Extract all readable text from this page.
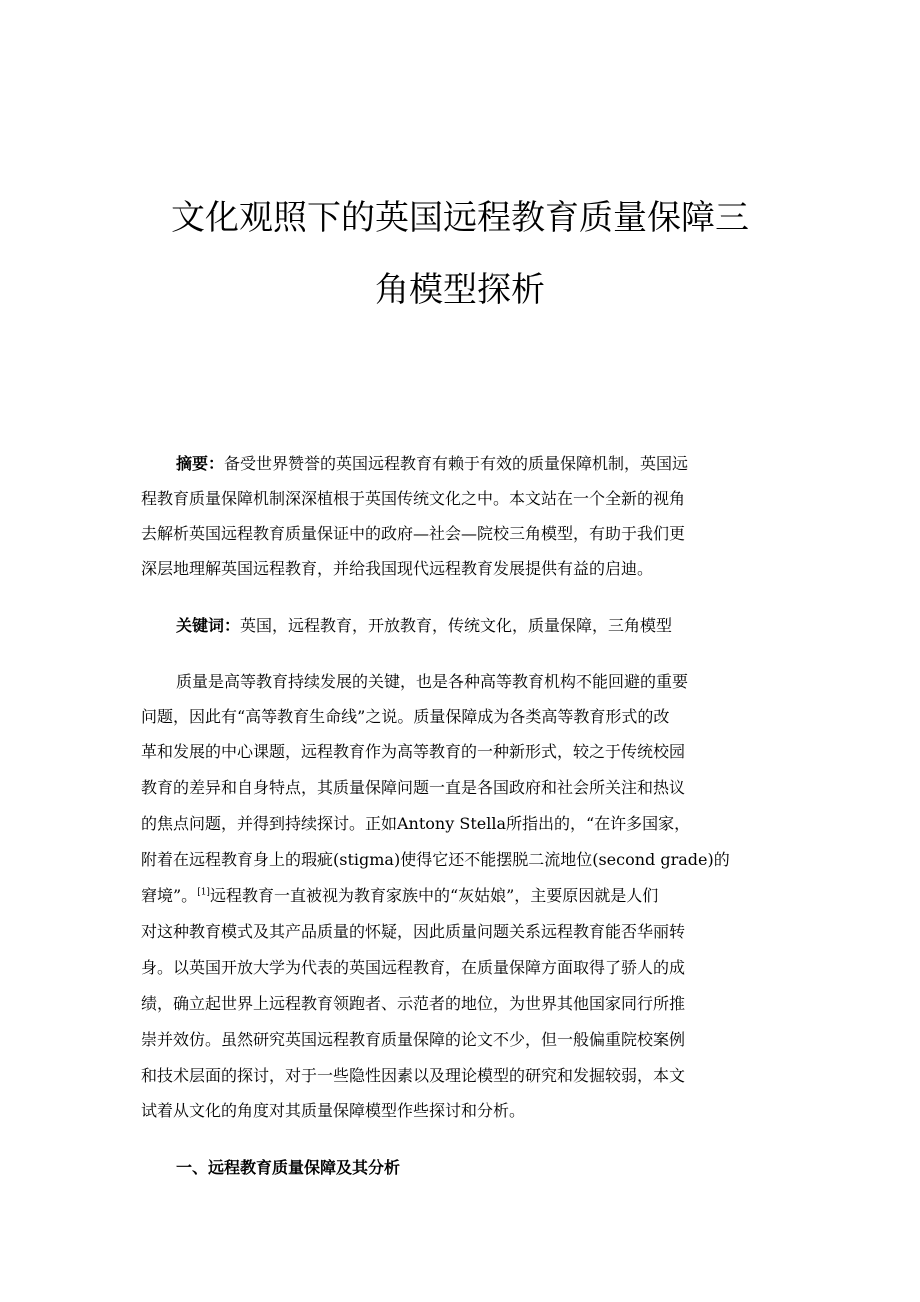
文化观照下的英国远程教育质量保障三
角模型探析

摘要：备受世界赞誉的英国远程教育有赖于有效的质量保障机制，英国远

程教育质量保障机制深深植根于英国传统文化之中。本文站在一个全新的视角

去解析英国远程教育质量保证中的政府—社会—院校三角模型，有助于我们更

深层地理解英国远程教育，并给我国现代远程教育发展提供有益的启迪。

关键词：英国，远程教育，开放教育，传统文化，质量保障，三角模型

质量是高等教育持续发展的关键，也是各种高等教育机构不能回避的重要

问题，因此有“高等教育生命线”之说。质量保障成为各类高等教育形式的改

革和发展的中心课题，远程教育作为高等教育的一种新形式，较之于传统校园

教育的差异和自身特点，其质量保障问题一直是各国政府和社会所关注和热议

的焦点问题，并得到持续探讨。正如Antony Stella所指出的，“在许多国家，

附着在远程教育身上的瑕疵(stigma)使得它还不能摆脱二流地位(second grade)的

窘境”。[1]远程教育一直被视为教育家族中的“灰姑娘”，主要原因就是人们

对这种教育模式及其产品质量的怀疑，因此质量问题关系远程教育能否华丽转

身。以英国开放大学为代表的英国远程教育，在质量保障方面取得了骄人的成

绩，确立起世界上远程教育领跑者、示范者的地位，为世界其他国家同行所推

崇并效仿。虽然研究英国远程教育质量保障的论文不少，但一般偏重院校案例

和技术层面的探讨，对于一些隐性因素以及理论模型的研究和发掘较弱，本文

试着从文化的角度对其质量保障模型作些探讨和分析。

一、远程教育质量保障及其分析
